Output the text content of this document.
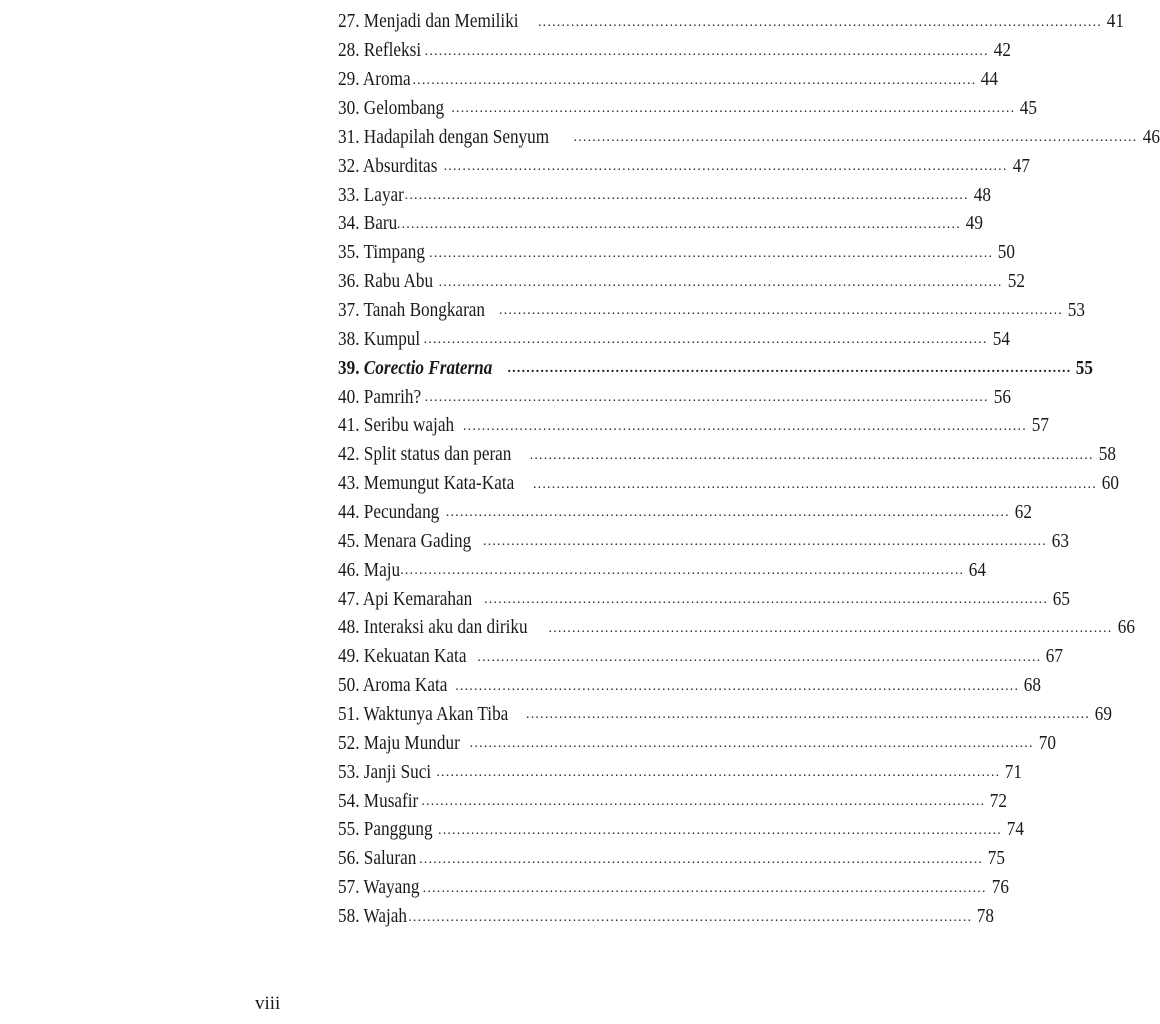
27. Menjadi dan Memiliki ........................................................................................................................ 41
28. Refleksi ........................................................................................................................ 42
29. Aroma ........................................................................................................................ 44
30. Gelombang ........................................................................................................................ 45
31. Hadapilah dengan Senyum ........................................................................................................................ 46
32. Absurditas ........................................................................................................................ 47
33. Layar ........................................................................................................................ 48
34. Baru ........................................................................................................................ 49
35. Timpang ........................................................................................................................ 50
36. Rabu Abu ........................................................................................................................ 52
37. Tanah Bongkaran ........................................................................................................................ 53
38. Kumpul ........................................................................................................................ 54
39. Corectio Fraterna ........................................................................................................................ 55
40. Pamrih? ........................................................................................................................ 56
41. Seribu wajah ........................................................................................................................ 57
42. Split status dan peran ........................................................................................................................ 58
43. Memungut Kata-Kata ........................................................................................................................ 60
44. Pecundang ........................................................................................................................ 62
45. Menara Gading ........................................................................................................................ 63
46. Maju ........................................................................................................................ 64
47. Api Kemarahan ........................................................................................................................ 65
48. Interaksi aku dan diriku ........................................................................................................................ 66
49. Kekuatan Kata ........................................................................................................................ 67
50. Aroma Kata ........................................................................................................................ 68
51. Waktunya Akan Tiba ........................................................................................................................ 69
52. Maju Mundur ........................................................................................................................ 70
53. Janji Suci ........................................................................................................................ 71
54. Musafir ........................................................................................................................ 72
55. Panggung ........................................................................................................................ 74
56. Saluran ........................................................................................................................ 75
57. Wayang ........................................................................................................................ 76
58. Wajah ........................................................................................................................ 78
viii
